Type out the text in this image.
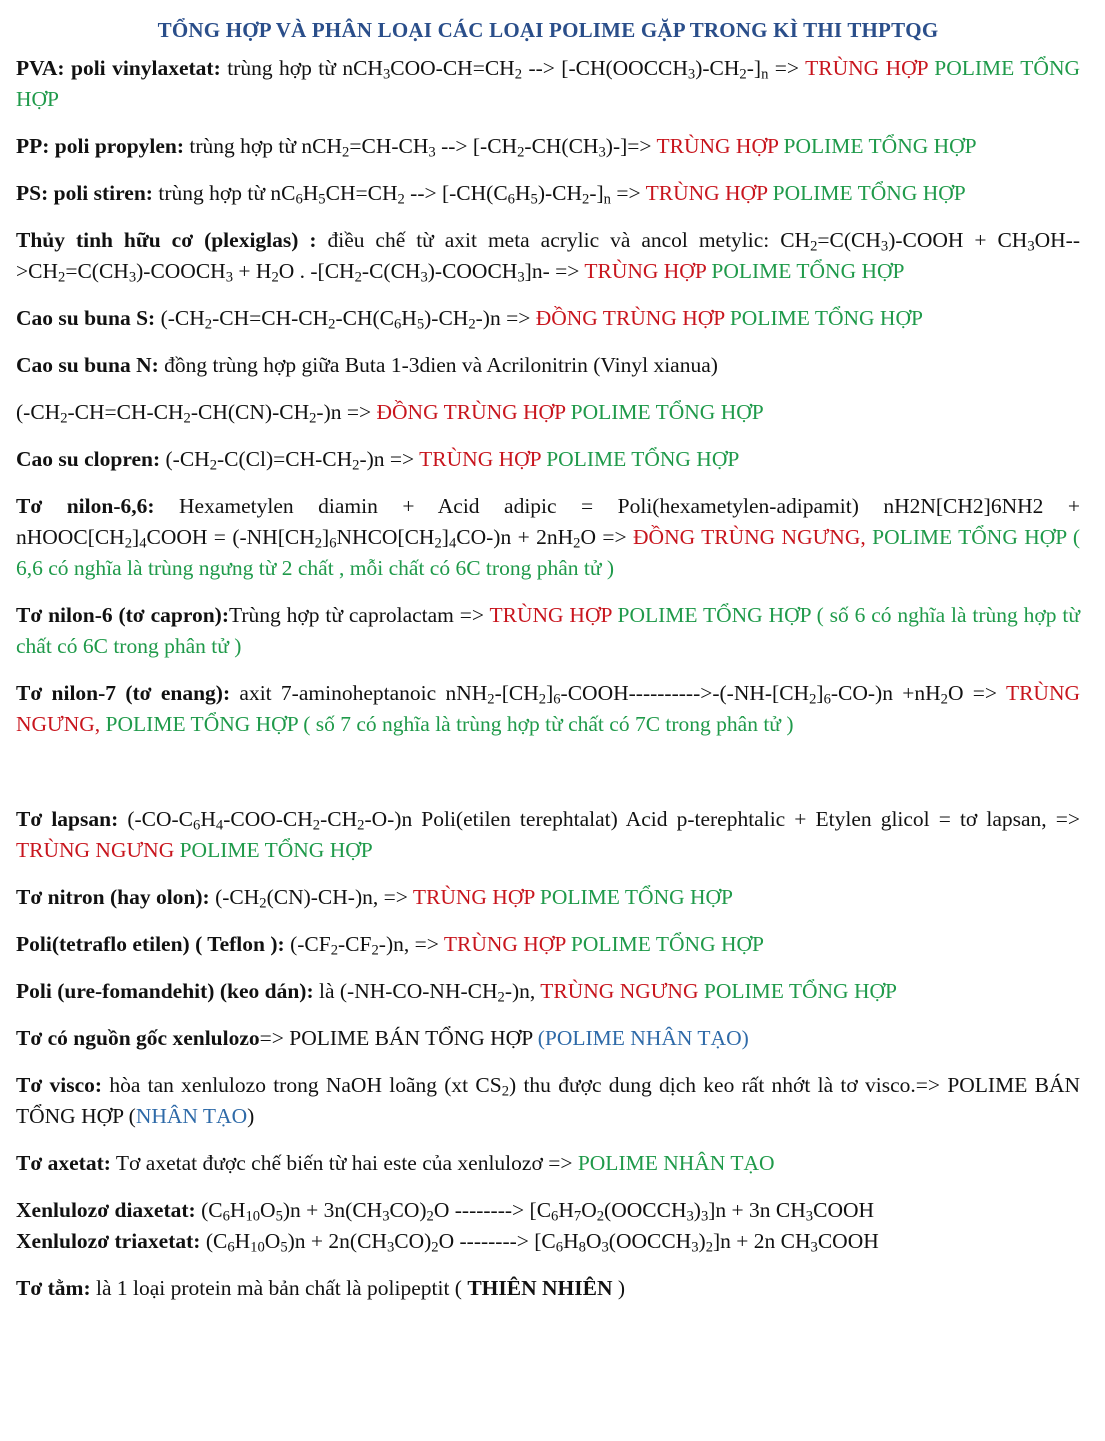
TỔNG HỢP VÀ PHÂN LOẠI CÁC LOẠI POLIME GẶP TRONG KÌ THI THPTQG

PVA: poli vinylaxetat: trùng hợp từ $nCH_3COO-CH=CH_2$ --> $[-CH(OOCCH_3)-CH_2-]_n$ => TRÙNG HỢP POLIME TỔNG HỢP

PP: poli propylen: trùng hợp từ $nCH_2=CH-CH_3$ --> $[-CH_2-CH(CH_3)-]=>$ TRÙNG HỢP POLIME TỔNG HỢP

PS: poli stiren: trùng hợp từ $nC_6H_5CH=CH_2$ --> $[-CH(C_6H_5)-CH_2-]_n$ => TRÙNG HỢP POLIME TỔNG HỢP

Thủy tinh hữu cơ (plexiglas) : điều chế từ axit meta acrylic và ancol metylic: $CH_2=C(CH_3)$-COOH + $CH_3OH-->CH_2=C(CH_3)-COOCH_3 + H_2O$ . $-[CH_2-C(CH_3)-COOCH_3]n-$ => TRÙNG HỢP POLIME TỔNG HỢP

Cao su buna S: $(-CH_2-CH=CH-CH_2-CH(C_6H_5)-CH_2-)n$ => ĐỒNG TRÙNG HỢP POLIME TỔNG HỢP

Cao su buna N: đồng trùng hợp giữa Buta 1-3dien và Acrilonitrin (Vinyl xianua)

$(-CH_2-CH=CH-CH_2-CH(CN)-CH_2-)n$ => ĐỒNG TRÙNG HỢP POLIME TỔNG HỢP

Cao su clopren: $(-CH_2-C(Cl)=CH-CH_2-)n$ => TRÙNG HỢP POLIME TỔNG HỢP

Tơ nilon-6,6: Hexametylen diamin + Acid adipic = Poli(hexametylen-adipamit) $nH2N[CH2]6NH2 + nHOOC[CH_2]_4COOH$ = $(-NH[CH_2]_6NHCO[CH_2]_4CO-)n + 2nH_2O$ => ĐỒNG TRÙNG NGƯNG, POLIME TỔNG HỢP ( 6,6 có nghĩa là trùng ngưng từ 2 chất , mỗi chất có 6C trong phân tử )

Tơ nilon-6 (tơ capron):Trùng hợp từ caprolactam => TRÙNG HỢP POLIME TỔNG HỢP ( số 6 có nghĩa là trùng hợp từ chất có 6C trong phân tử )

Tơ nilon-7 (tơ enang): axit 7-aminoheptanoic $nNH_2-[CH_2]_6-COOH---------->-(-NH-[CH_2]_6-CO-)n +nH_2O$ => TRÙNG NGƯNG, POLIME TỔNG HỢP ( số 7 có nghĩa là trùng hợp từ chất có 7C trong phân tử )

Tơ lapsan: $(-CO-C_6H_4-COO-CH_2-CH_2-O-)n$ Poli(etilen terephtalat) Acid p-terephtalic + Etylen glicol = tơ lapsan, => TRÙNG NGƯNG POLIME TỔNG HỢP

Tơ nitron (hay olon): $(-CH_2(CN)-CH-)n$, => TRÙNG HỢP POLIME TỔNG HỢP

Poli(tetraflo etilen) ( Teflon ): $(-CF_2-CF_2-)n$, => TRÙNG HỢP POLIME TỔNG HỢP

Poli (ure-fomandehit) (keo dán): là $(-NH-CO-NH-CH_2-)n$, TRÙNG NGƯNG POLIME TỔNG HỢP

Tơ có nguồn gốc xenlulozo=> POLIME BÁN TỔNG HỢP (POLIME NHÂN TẠO)

Tơ visco: hòa tan xenlulozo trong NaOH loãng (xt $CS_2$) thu được dung dịch keo rất nhớt là tơ visco.=> POLIME BÁN TỔNG HỢP (NHÂN TẠO)

Tơ axetat: Tơ axetat được chế biến từ hai este của xenlulozơ => POLIME NHÂN TẠO

Xenlulozơ diaxetat: $(C_6H_{10}O_5)n + 3n(CH_3CO)_2O$ --------> $[C_6H_7O_2(OOCCH_3)_3]n + 3n$ $CH_3COOH$

Xenlulozơ triaxetat: $(C_6H_{10}O_5)n + 2n(CH_3CO)_2O$ --------> $[C_6H_8O_3(OOCCH_3)_2]n + 2n$ $CH_3COOH$

Tơ tằm: là 1 loại protein mà bản chất là polipeptit ( THIÊN NHIÊN )
